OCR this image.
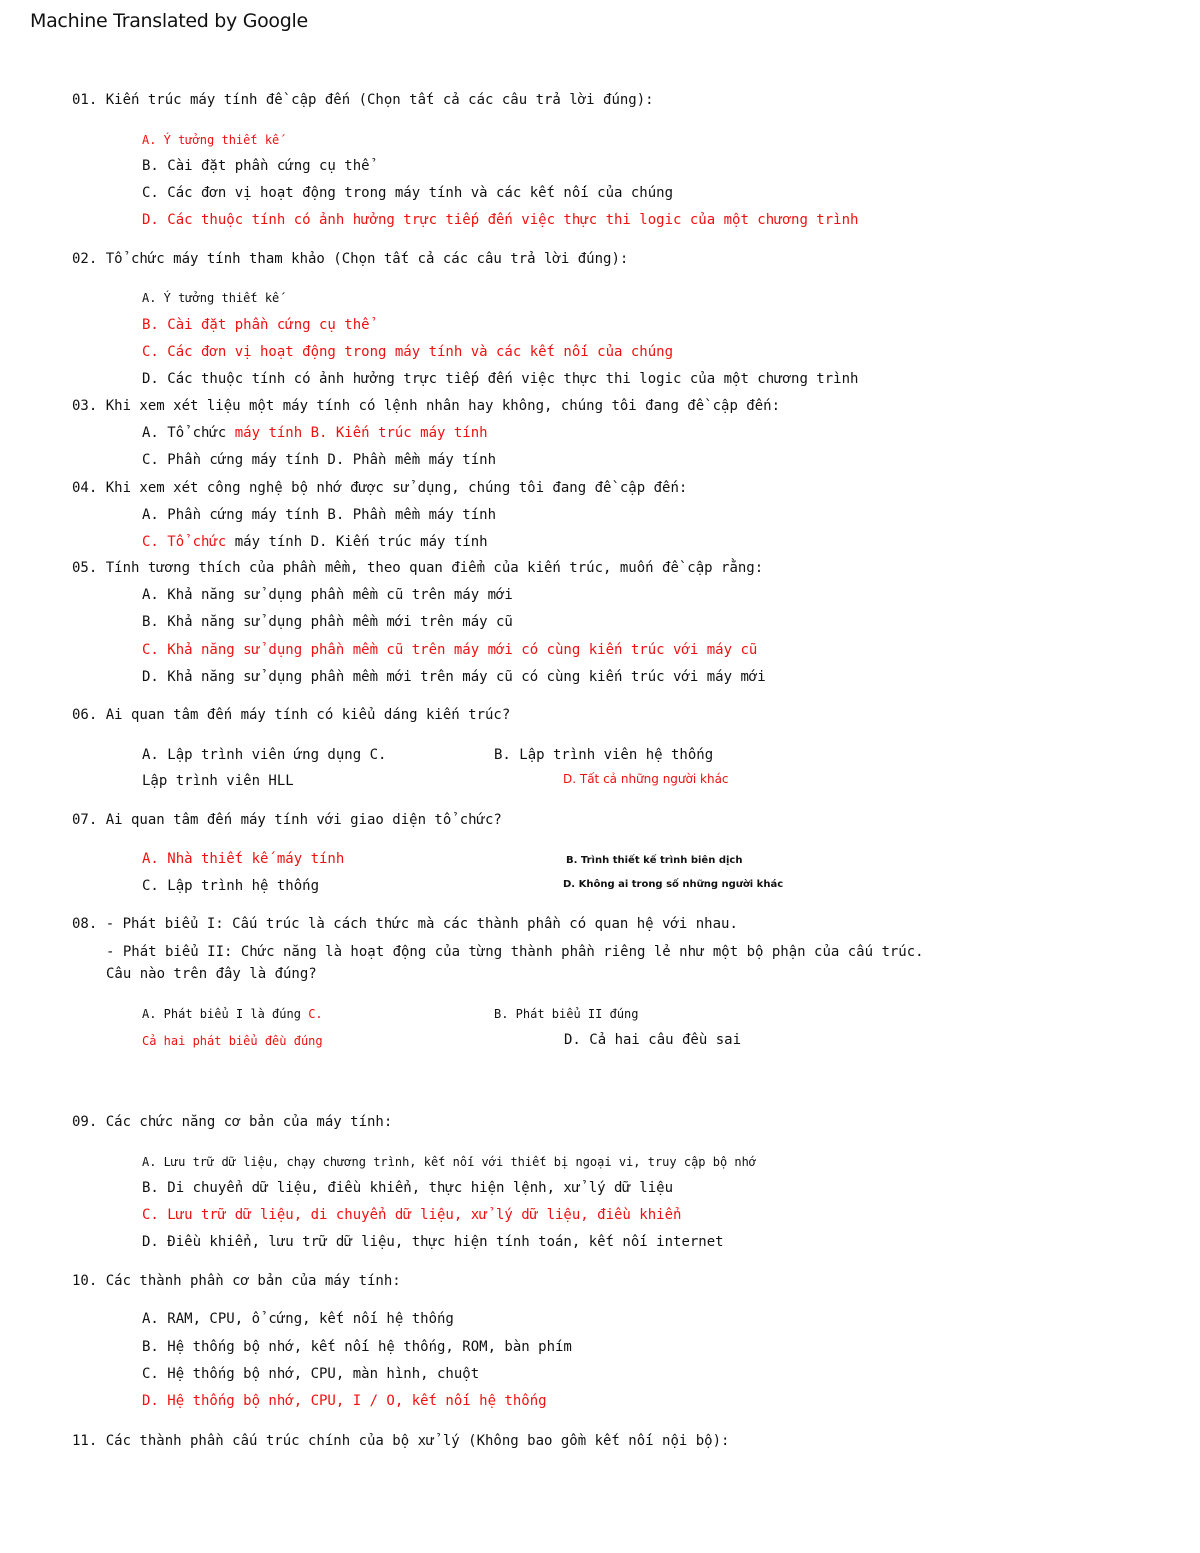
Machine Translated by Google
01. Kiến trúc máy tính đề cập đến (Chọn tất cả các câu trả lời đúng):
A. Ý tưởng thiết kế
B. Cài đặt phần cứng cụ thể
C. Các đơn vị hoạt động trong máy tính và các kết nối của chúng
D. Các thuộc tính có ảnh hưởng trực tiếp đến việc thực thi logic của một chương trình
02. Tổ chức máy tính tham khảo (Chọn tất cả các câu trả lời đúng):
A. Ý tưởng thiết kế
B. Cài đặt phần cứng cụ thể
C. Các đơn vị hoạt động trong máy tính và các kết nối của chúng
D. Các thuộc tính có ảnh hưởng trực tiếp đến việc thực thi logic của một chương trình
03. Khi xem xét liệu một máy tính có lệnh nhân hay không, chúng tôi đang đề cập đến:
A. Tổ chức máy tính B. Kiến trúc máy tính
C. Phần cứng máy tính D. Phần mềm máy tính
04. Khi xem xét công nghệ bộ nhớ được sử dụng, chúng tôi đang đề cập đến:
A. Phần cứng máy tính B. Phần mềm máy tính
C. Tổ chức máy tính D. Kiến trúc máy tính
05. Tính tương thích của phần mềm, theo quan điểm của kiến trúc, muốn đề cập rằng:
A. Khả năng sử dụng phần mềm cũ trên máy mới
B. Khả năng sử dụng phần mềm mới trên máy cũ
C. Khả năng sử dụng phần mềm cũ trên máy mới có cùng kiến trúc với máy cũ
D. Khả năng sử dụng phần mềm mới trên máy cũ có cùng kiến trúc với máy mới
06. Ai quan tâm đến máy tính có kiểu dáng kiến trúc?
A. Lập trình viên ứng dụng C.
Lập trình viên HLL
B. Lập trình viên hệ thống
D. Tất cả những người khác
07. Ai quan tâm đến máy tính với giao diện tổ chức?
A. Nhà thiết kế máy tính
C. Lập trình hệ thống
B. Trình thiết kế trình biên dịch
D. Không ai trong số những người khác
08. - Phát biểu I: Cấu trúc là cách thức mà các thành phần có quan hệ với nhau.
- Phát biểu II: Chức năng là hoạt động của từng thành phần riêng lẻ như một bộ phận của cấu trúc.
Câu nào trên đây là đúng?
A. Phát biểu I là đúng C.
Cả hai phát biểu đều đúng
B. Phát biểu II đúng
D. Cả hai câu đều sai
09. Các chức năng cơ bản của máy tính:
A. Lưu trữ dữ liệu, chạy chương trình, kết nối với thiết bị ngoại vi, truy cập bộ nhớ
B. Di chuyển dữ liệu, điều khiển, thực hiện lệnh, xử lý dữ liệu
C. Lưu trữ dữ liệu, di chuyển dữ liệu, xử lý dữ liệu, điều khiển
D. Điều khiển, lưu trữ dữ liệu, thực hiện tính toán, kết nối internet
10. Các thành phần cơ bản của máy tính:
A. RAM, CPU, ổ cứng, kết nối hệ thống
B. Hệ thống bộ nhớ, kết nối hệ thống, ROM, bàn phím
C. Hệ thống bộ nhớ, CPU, màn hình, chuột
D. Hệ thống bộ nhớ, CPU, I / O, kết nối hệ thống
11. Các thành phần cấu trúc chính của bộ xử lý (Không bao gồm kết nối nội bộ):
